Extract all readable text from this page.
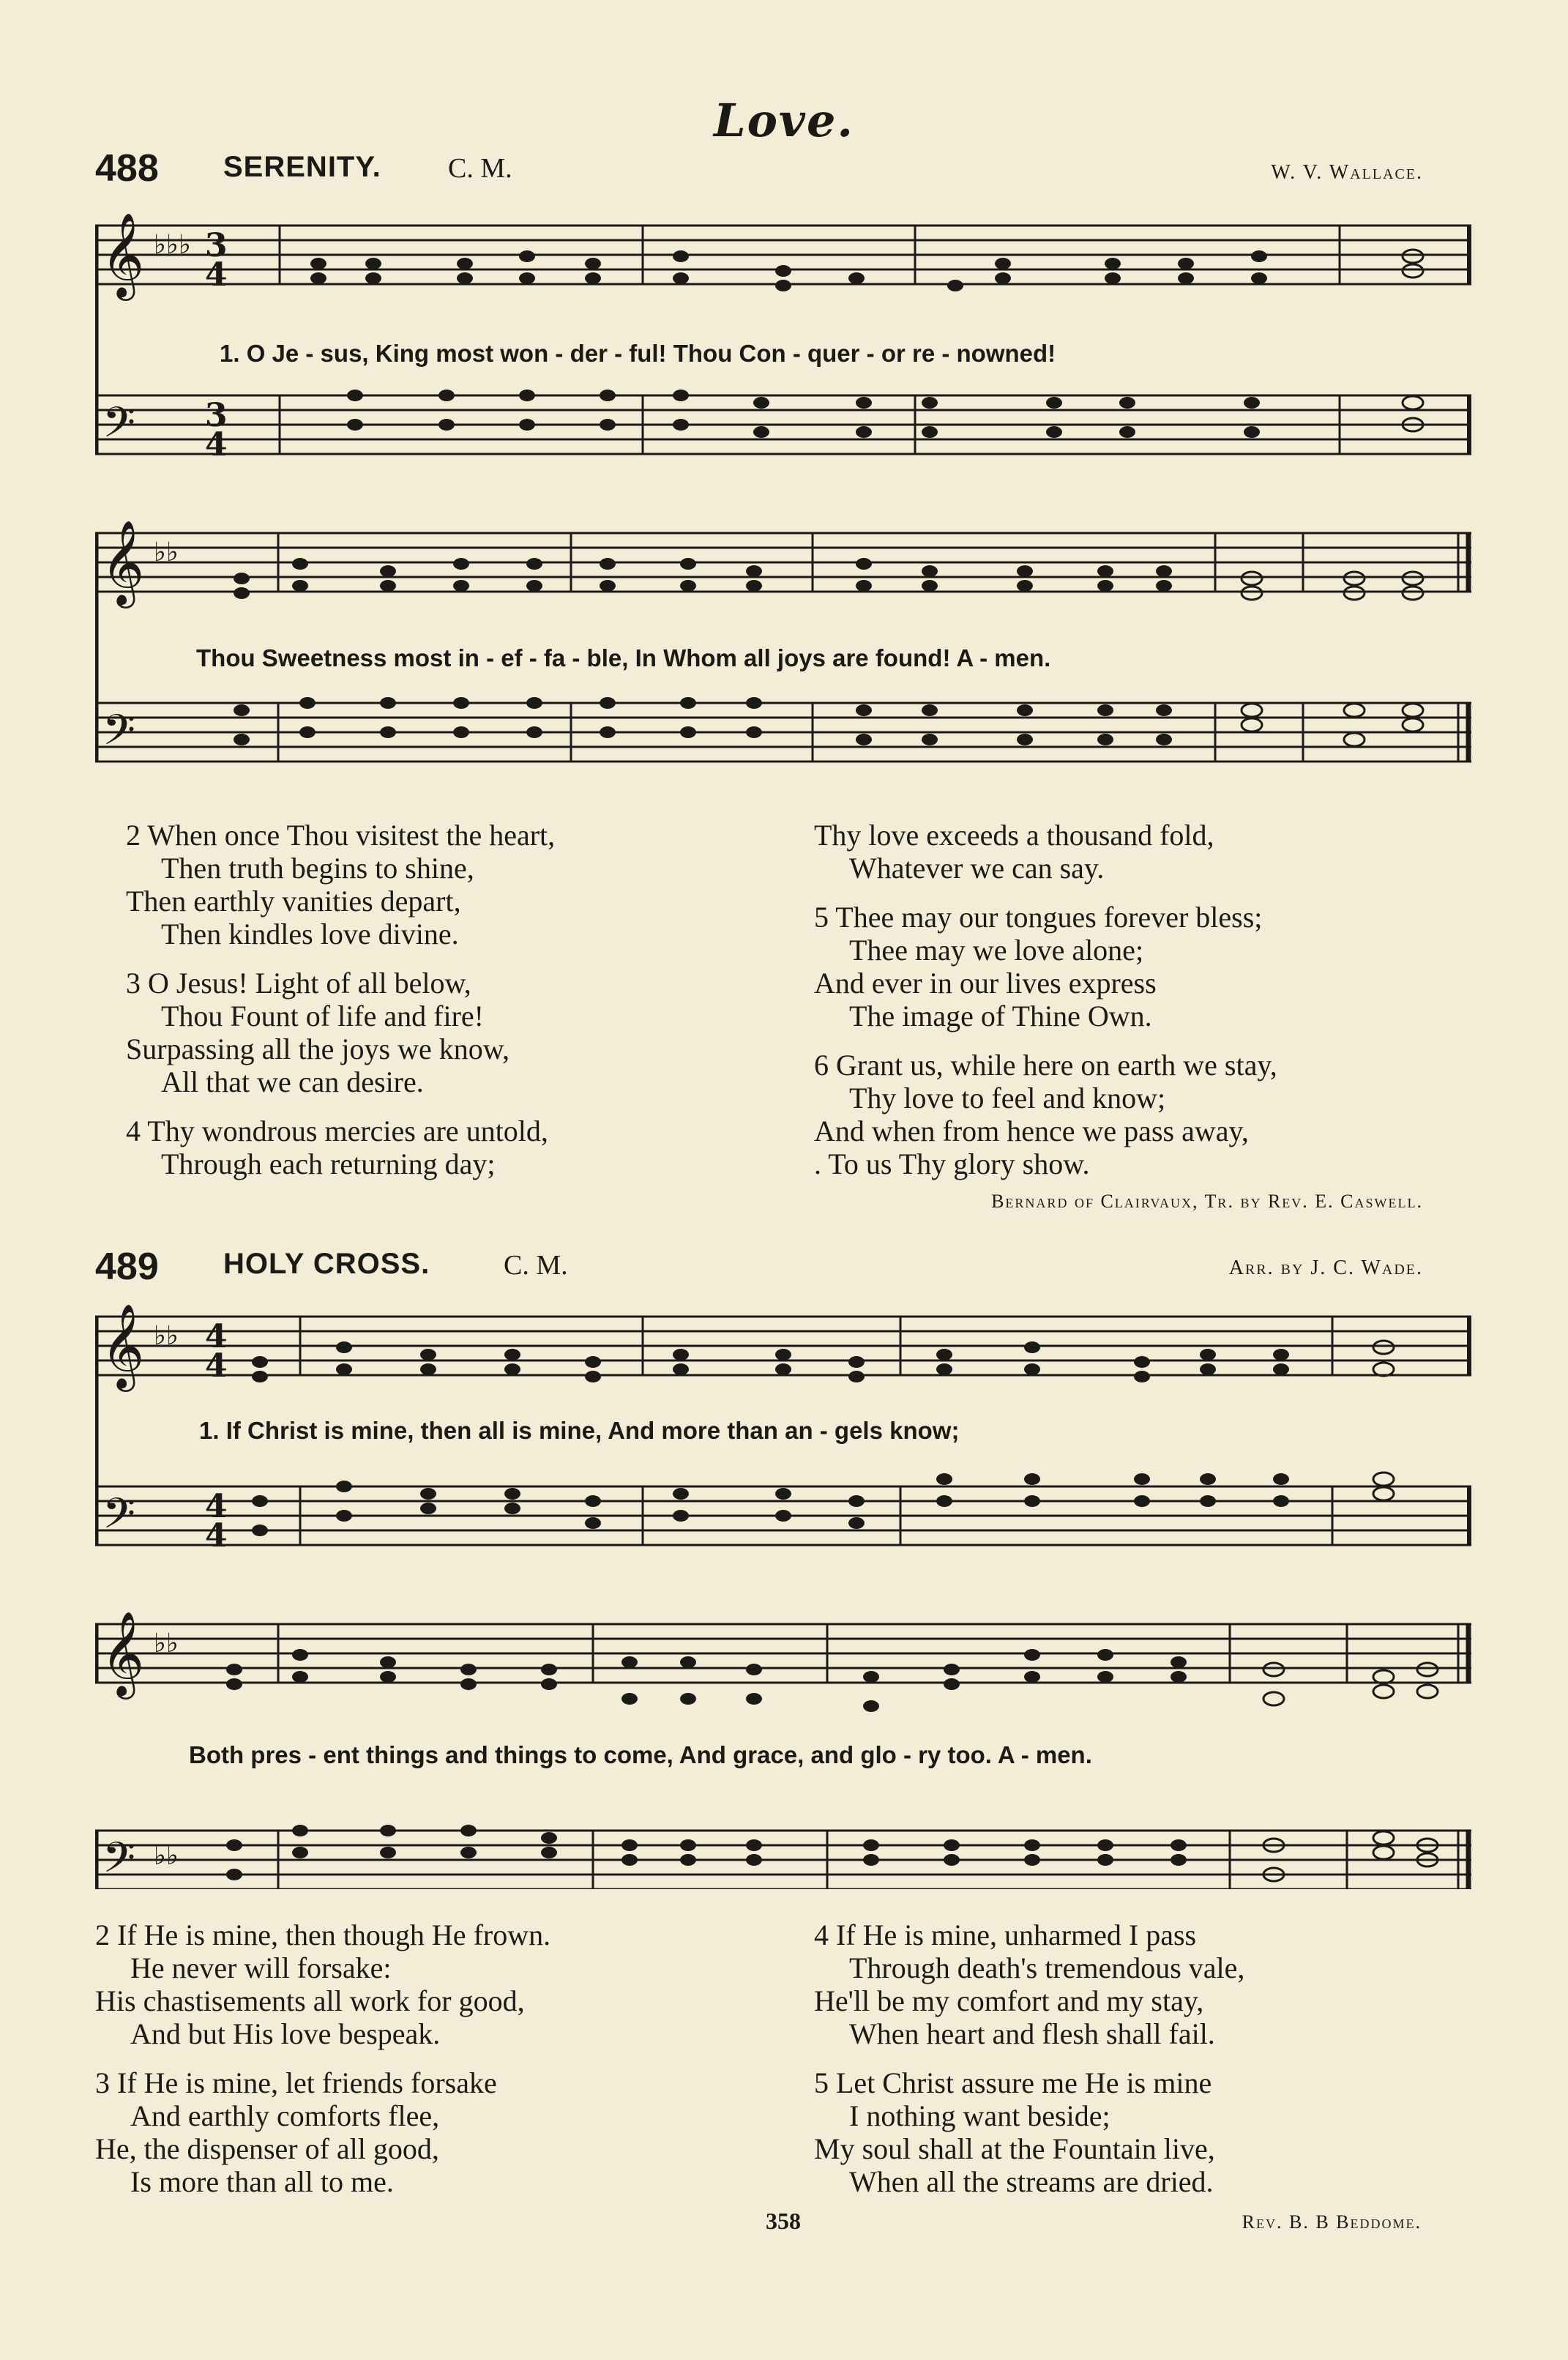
Love.
488 SERENITY. C. M.	W. V. Wallace.
𝄞
𝄢
♭♭♭ 3
4
3
4
1. O Je - sus, King most won - der - ful! Thou Con - quer - or re - nowned!
𝄞
𝄢
♭♭
Thou Sweetness most in - ef - fa - ble, In Whom all joys are found! A - men.
2 When once Thou visitest the heart,
Then truth begins to shine,
Then earthly vanities depart,
Then kindles love divine.
3 O Jesus! Light of all below,
Thou Fount of life and fire!
Surpassing all the joys we know,
All that we can desire.
4 Thy wondrous mercies are untold,
Through each returning day;
Thy love exceeds a thousand fold,
Whatever we can say.
5 Thee may our tongues forever bless;
Thee may we love alone;
And ever in our lives express
The image of Thine Own.
6 Grant us, while here on earth we stay,
Thy love to feel and know;
And when from hence we pass away,
. To us Thy glory show.
Bernard of Clairvaux, Tr. by Rev. E. Caswell.
489 HOLY CROSS.	C. M.	Arr. by J. C. Wade.
𝄞
𝄢
♭♭ 4
4
4
4
1. If Christ is mine, then all is mine, And more than an - gels know;
𝄞
𝄢
♭♭
♭♭
Both pres - ent things and things to come, And grace, and glo - ry too. A - men.
2 If He is mine, then though He frown.
He never will forsake:
His chastisements all work for good,
And but His love bespeak.
3 If He is mine, let friends forsake
And earthly comforts flee,
He, the dispenser of all good,
Is more than all to me.
4 If He is mine, unharmed I pass
Through death's tremendous vale,
He'll be my comfort and my stay,
When heart and flesh shall fail.
5 Let Christ assure me He is mine
I nothing want beside;
My soul shall at the Fountain live,
When all the streams are dried.
358	Rev. B. B Beddome.
